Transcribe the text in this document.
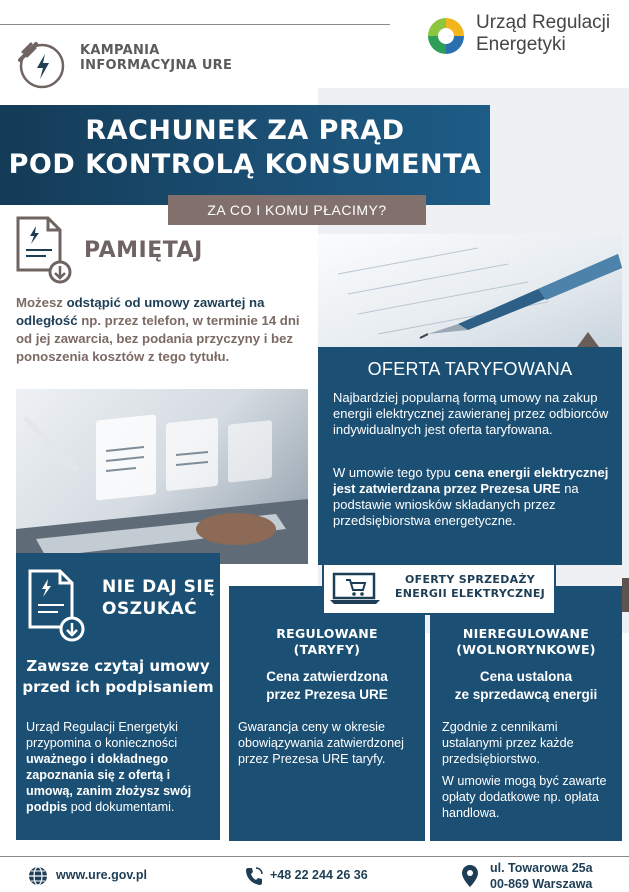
KAMPANIA
INFORMACYJNA URE
Urząd Regulacji
Energetyki
RACHUNEK ZA PRĄD
POD KONTROLĄ KONSUMENTA
ZA CO I KOMU PŁACIMY?
PAMIĘTAJ
Możesz odstąpić od umowy zawartej na odległość np. przez telefon, w terminie 14 dni od jej zawarcia, bez podania przyczyny i bez ponoszenia kosztów z tego tytułu.
OFERTA TARYFOWANA
Najbardziej popularną formą umowy na zakup energii elektrycznej zawieranej przez odbiorców indywidualnych jest oferta taryfowana.
W umowie tego typu cena energii elektrycznej jest zatwierdzana przez Prezesa URE na podstawie wniosków składanych przez przedsiębiorstwa energetyczne.
NIE DAJ SIĘ
OSZUKAĆ
Zawsze czytaj umowy
przed ich podpisaniem
Urząd Regulacji Energetyki przypomina o konieczności uważnego i dokładnego zapoznania się z ofertą i umową, zanim złożysz swój podpis pod dokumentami.
OFERTY SPRZEDAŻY
ENERGII ELEKTRYCZNEJ
REGULOWANE
(TARYFY)
Cena zatwierdzona
przez Prezesa URE
Gwarancja ceny w okresie obowiązywania zatwierdzonej przez Prezesa URE taryfy.
NIEREGULOWANE
(WOLNORYNKOWE)
Cena ustalona
ze sprzedawcą energii
Zgodnie z cennikami ustalanymi przez każde przedsiębiorstwo.
W umowie mogą być zawarte opłaty dodatkowe np. opłata handlowa.
www.ure.gov.pl	+48 22 244 26 36	ul. Towarowa 25a
00-869 Warszawa
